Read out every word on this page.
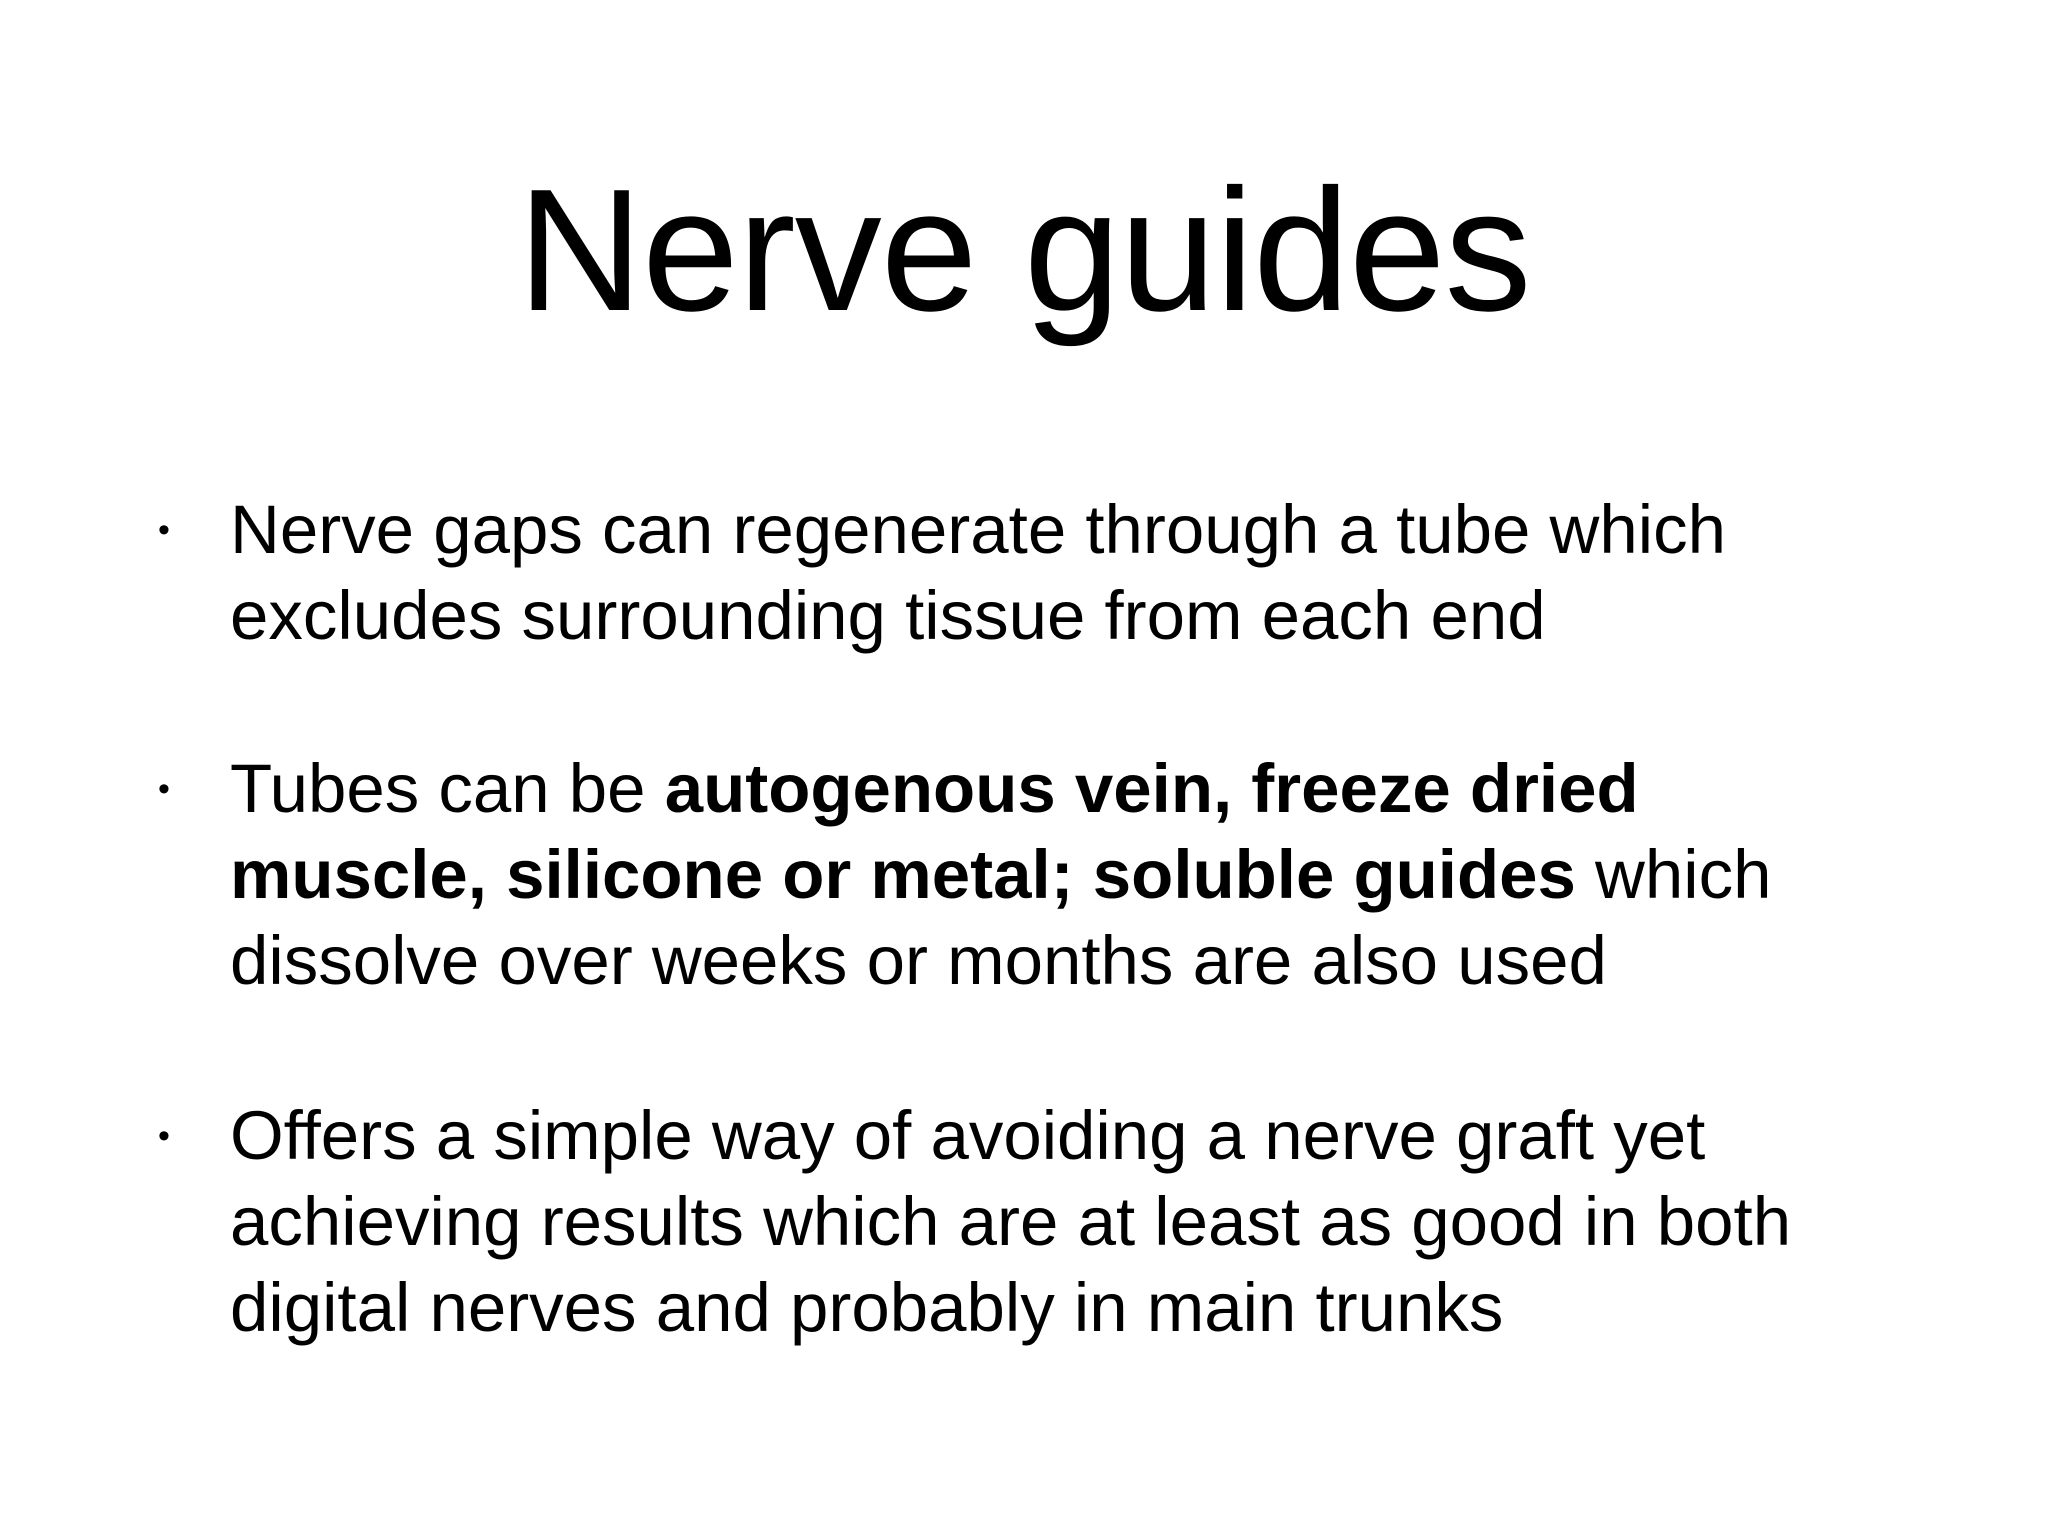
Nerve guides
• Nerve gaps can regenerate through a tube which
excludes surrounding tissue from each end
• Tubes can be autogenous vein, freeze dried
muscle, silicone or metal; soluble guides which
dissolve over weeks or months are also used
• Offers a simple way of avoiding a nerve graft yet
achieving results which are at least as good in both
digital nerves and probably in main trunks
